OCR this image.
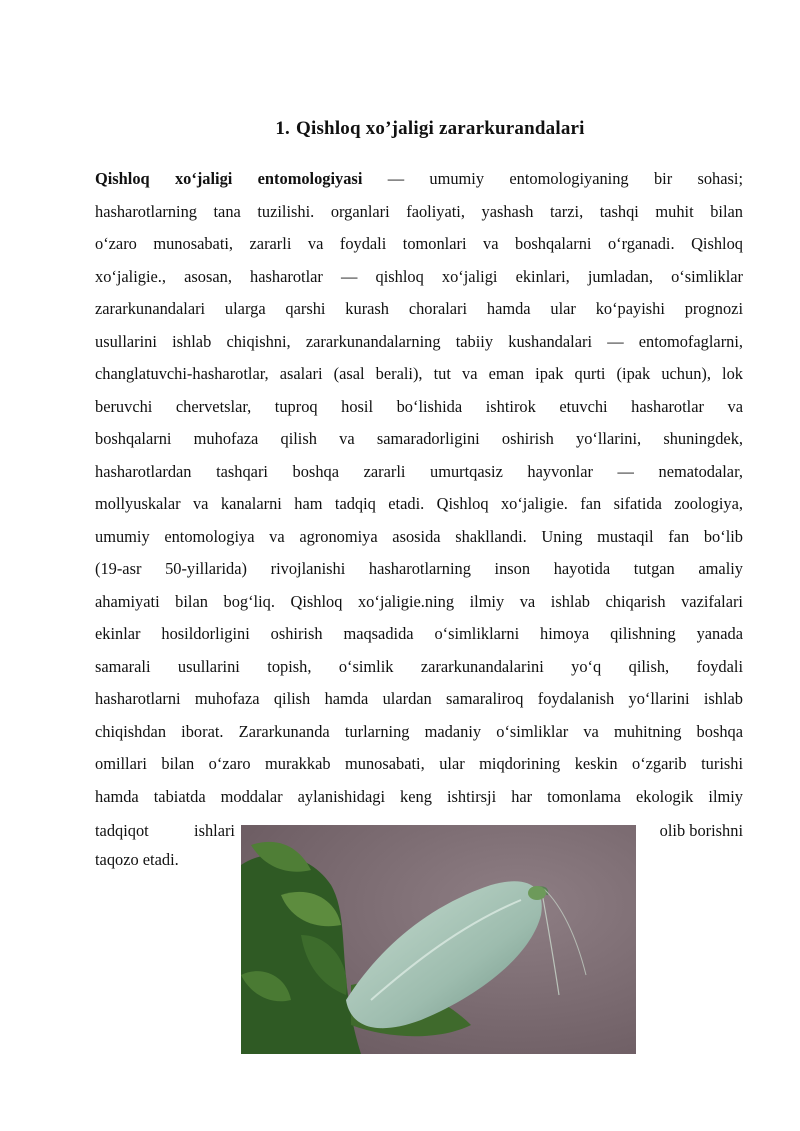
1. Qishloq xo’jaligi zararkurandalari
Qishloq xo‘jaligi entomologiyasi — umumiy entomologiyaning bir sohasi;
hasharotlarning tana tuzilishi. organlari faoliyati, yashash tarzi, tashqi muhit bilan
o‘zaro munosabati, zararli va foydali tomonlari va boshqalarni o‘rganadi. Qishloq
xo‘jaligie., asosan, hasharotlar — qishloq xo‘jaligi ekinlari, jumladan, o‘simliklar
zararkunandalari ularga qarshi kurash choralari hamda ular ko‘payishi prognozi
usullarini ishlab chiqishni, zararkunandalarning tabiiy kushandalari — entomofaglarni,
changlatuvchi-hasharotlar, asalari (asal berali), tut va eman ipak qurti (ipak uchun), lok
beruvchi chervetslar, tuproq hosil bo‘lishida ishtirok etuvchi hasharotlar va
boshqalarni muhofaza qilish va samaradorligini oshirish yo‘llarini, shuningdek,
hasharotlardan tashqari boshqa zararli umurtqasiz hayvonlar — nematodalar,
mollyuskalar va kanalarni ham tadqiq etadi. Qishloq xo‘jaligie. fan sifatida zoologiya,
umumiy entomologiya va agronomiya asosida shakllandi. Uning mustaqil fan bo‘lib
(19-asr 50-yillarida) rivojlanishi hasharotlarning inson hayotida tutgan amaliy
ahamiyati bilan bog‘liq. Qishloq xo‘jaligie.ning ilmiy va ishlab chiqarish vazifalari
ekinlar hosildorligini oshirish maqsadida o‘simliklarni himoya qilishning yanada
samarali usullarini topish, o‘simlik zararkunandalarini yo‘q qilish, foydali
hasharotlarni muhofaza qilish hamda ulardan samaraliroq foydalanish yo‘llarini ishlab
chiqishdan iborat. Zararkunanda turlarning madaniy o‘simliklar va muhitning boshqa
omillari bilan o‘zaro murakkab munosabati, ular miqdorining keskin o‘zgarib turishi
hamda tabiatda moddalar aylanishidagi keng ishtirsji har tomonlama ekologik ilmiy
taqozo etadi.
tadqiqot ishlari	olib borishni
